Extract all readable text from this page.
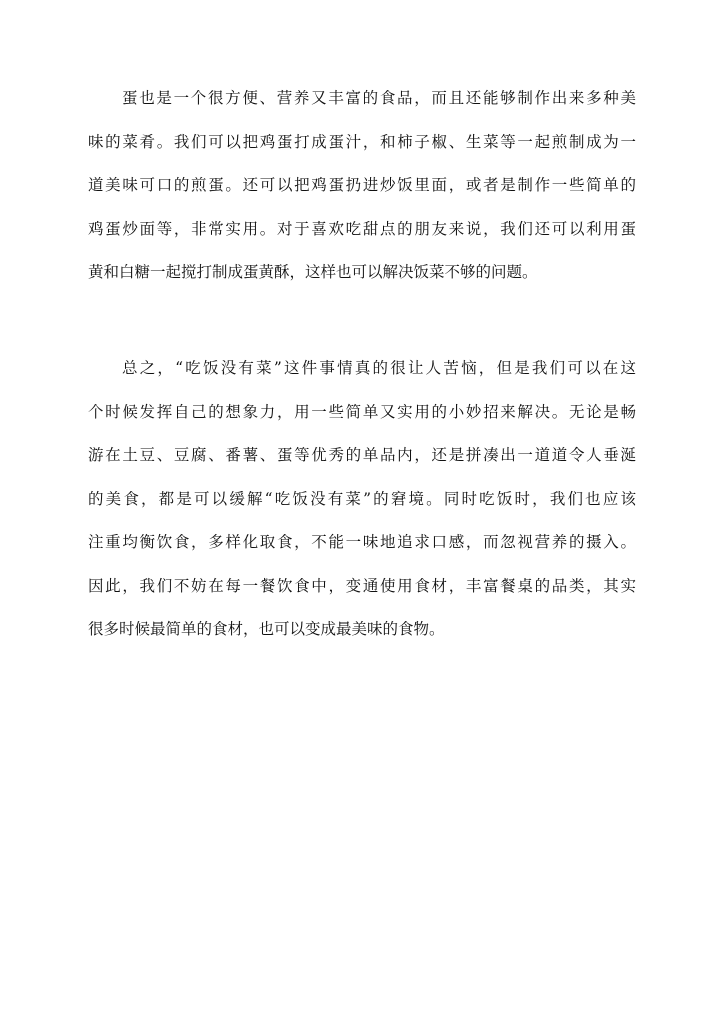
蛋也是一个很方便、营养又丰富的食品，而且还能够制作出来多种美
味的菜肴。我们可以把鸡蛋打成蛋汁，和柿子椒、生菜等一起煎制成为一
道美味可口的煎蛋。还可以把鸡蛋扔进炒饭里面，或者是制作一些简单的
鸡蛋炒面等，非常实用。对于喜欢吃甜点的朋友来说，我们还可以利用蛋
黄和白糖一起搅打制成蛋黄酥，这样也可以解决饭菜不够的问题。
总之，“吃饭没有菜”这件事情真的很让人苦恼，但是我们可以在这
个时候发挥自己的想象力，用一些简单又实用的小妙招来解决。无论是畅
游在土豆、豆腐、番薯、蛋等优秀的单品内，还是拼凑出一道道令人垂涎
的美食，都是可以缓解“吃饭没有菜”的窘境。同时吃饭时，我们也应该
注重均衡饮食，多样化取食，不能一味地追求口感，而忽视营养的摄入。
因此，我们不妨在每一餐饮食中，变通使用食材，丰富餐桌的品类，其实
很多时候最简单的食材，也可以变成最美味的食物。
